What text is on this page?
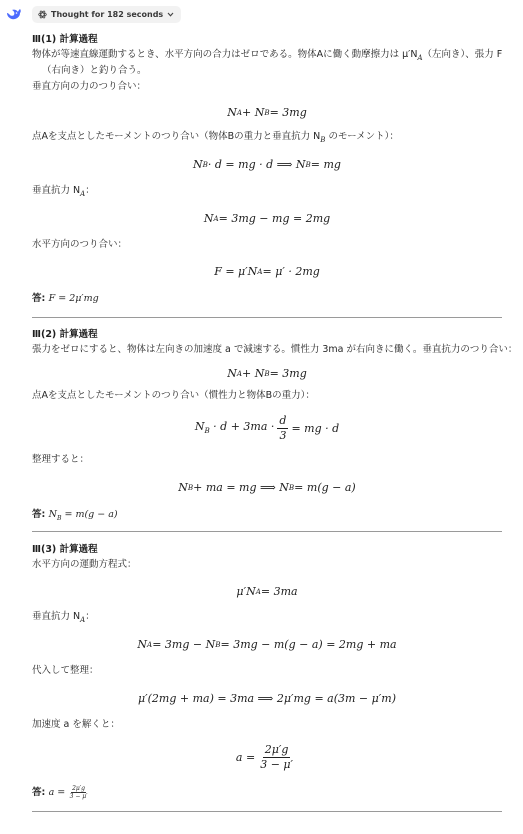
Thought for 182 seconds
Ⅲ(1) 計算過程
物体が等速直線運動するとき、水平方向の合力はゼロである。物体Aに働く動摩擦力は $\mu'N_A$（左向き）、張力 F
（右向き）と釣り合う。
垂直方向の力のつり合い：
N A + N B = 3mg
点Aを支点としたモーメントのつり合い（物体Bの重力と垂直抗力 $N_B$ のモーメント）：
N B · d = mg · d ⟹ N B = mg
垂直抗力 $N_A$：
N A = 3mg − mg = 2mg
水平方向のつり合い：
F = μ′N A = μ′ · 2mg
答: F = 2μ′mg
Ⅲ(2) 計算過程
張力をゼロにすると、物体は左向きの加速度 a で減速する。慣性力 3ma が右向きに働く。垂直抗力のつり合い：
N A + N B = 3mg
点Aを支点としたモーメントのつり合い（慣性力と物体Bの重力）：
$N_B \cdot d + 3ma \cdot \frac{d}{3}$ = mg · d
整理すると：
N B + ma = mg ⟹ N B = m(g − a)
答: $N_B = m(g - a)$
Ⅲ(3) 計算過程
水平方向の運動方程式：
μ′N A = 3ma
垂直抗力 $N_A$：
N A = 3mg − N B = 3mg − m(g − a) = 2mg + ma
代入して整理：
μ′(2mg + ma) = 3ma ⟹ 2μ′mg = a(3m − μ′m)
加速度 a を解くと：
$a = \frac{2\mu'g}{3 - \mu'}$
答: $a = \frac{2\mu'g}{3 - \mu'}$
